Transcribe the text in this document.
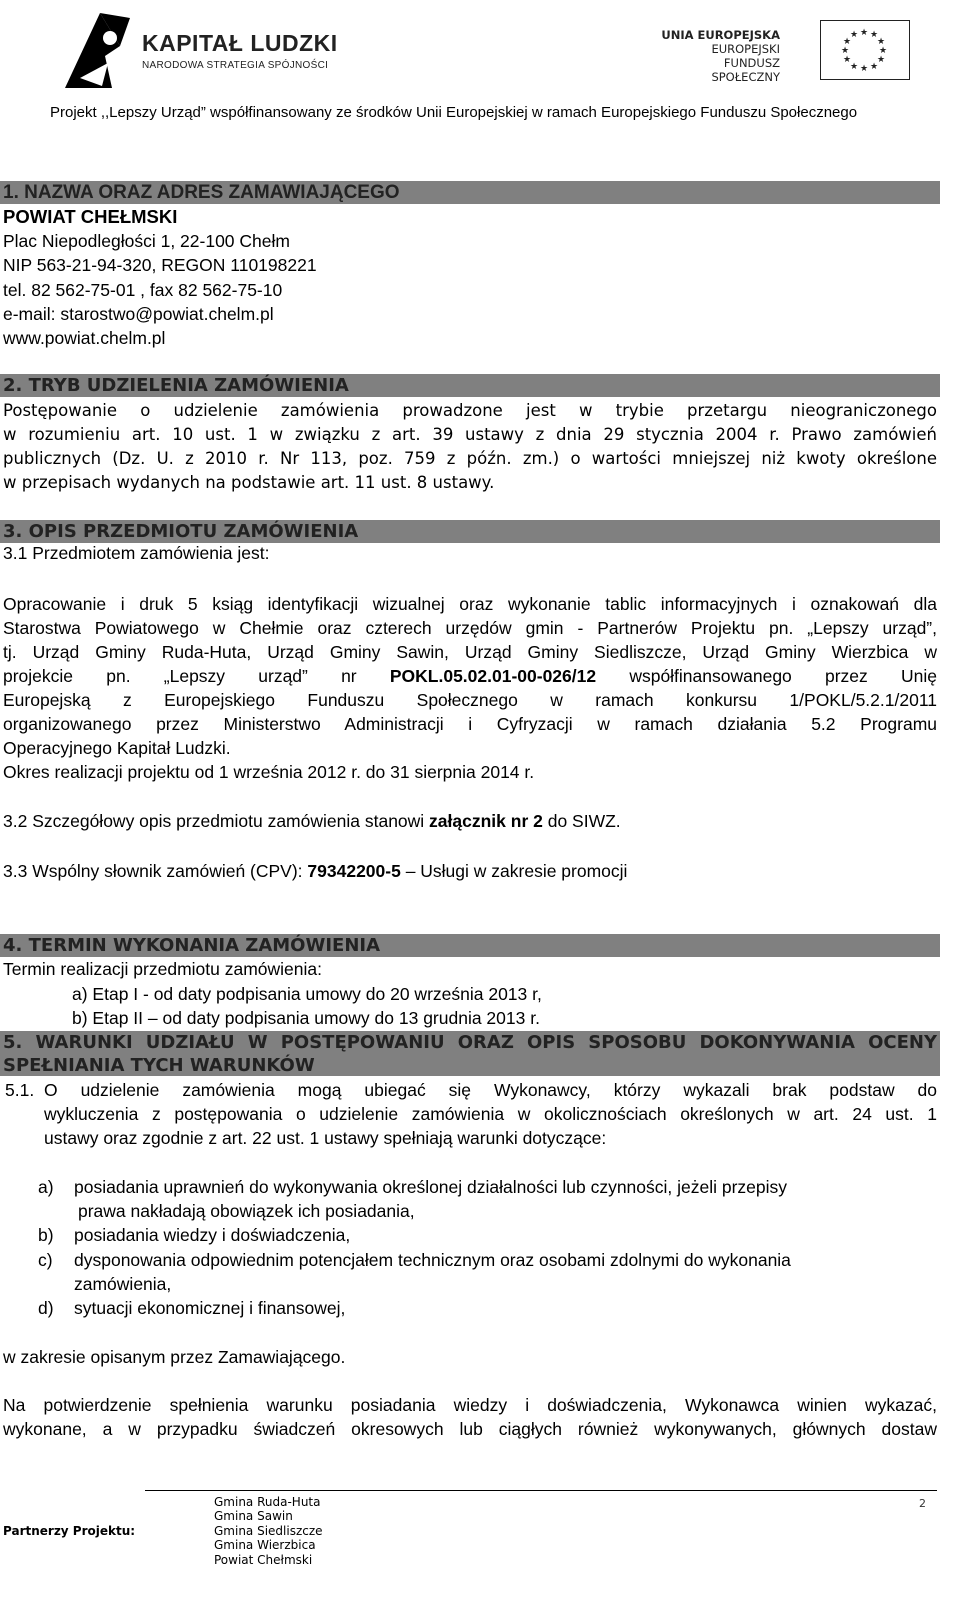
KAPITAŁ LUDZKI
NARODOWA STRATEGIA SPÓJNOŚCI
UNIA EUROPEJSKA
EUROPEJSKI
FUNDUSZ SPOŁECZNY
★ ★
★
★
★
★
★
★
★
★
★
★
Projekt ,,Lepszy Urząd” współfinansowany ze środków Unii Europejskiej w ramach Europejskiego Funduszu Społecznego
1. NAZWA ORAZ ADRES ZAMAWIAJĄCEGO
POWIAT CHEŁMSKI
Plac Niepodległości 1, 22-100 Chełm
NIP 563-21-94-320, REGON 110198221
tel. 82 562-75-01 , fax 82 562-75-10
e-mail: starostwo@powiat.chelm.pl
www.powiat.chelm.pl
2. TRYB UDZIELENIA ZAMÓWIENIA
Postępowanie o udzielenie zamówienia prowadzone jest w trybie przetargu nieograniczonego
w rozumieniu art. 10 ust. 1 w związku z art. 39 ustawy z dnia 29 stycznia 2004 r. Prawo zamówień
publicznych (Dz. U. z 2010 r. Nr 113, poz. 759 z późn. zm.) o wartości mniejszej niż kwoty określone
w przepisach wydanych na podstawie art. 11 ust. 8 ustawy.
3. OPIS PRZEDMIOTU ZAMÓWIENIA
3.1 Przedmiotem zamówienia jest:
Opracowanie i druk 5 ksiąg identyfikacji wizualnej oraz wykonanie tablic informacyjnych i oznakowań dla
Starostwa Powiatowego w Chełmie oraz czterech urzędów gmin - Partnerów Projektu pn. „Lepszy urząd”,
tj. Urząd Gminy Ruda-Huta, Urząd Gminy Sawin, Urząd Gminy Siedliszcze, Urząd Gminy Wierzbica w
projekcie pn. „Lepszy urząd” nr POKL.05.02.01-00-026/12 współfinansowanego przez Unię
Europejską z Europejskiego Funduszu Społecznego w ramach konkursu 1/POKL/5.2.1/2011
organizowanego przez Ministerstwo Administracji i Cyfryzacji w ramach działania 5.2 Programu
Operacyjnego Kapitał Ludzki.
Okres realizacji projektu od 1 września 2012 r. do 31 sierpnia 2014 r.
3.2 Szczegółowy opis przedmiotu zamówienia stanowi załącznik nr 2 do SIWZ.
3.3 Wspólny słownik zamówień (CPV): 79342200-5 – Usługi w zakresie promocji
4. TERMIN WYKONANIA ZAMÓWIENIA
Termin realizacji przedmiotu zamówienia:
a) Etap I - od daty podpisania umowy do 20 września 2013 r,
b) Etap II – od daty podpisania umowy do 13 grudnia 2013 r.
5. WARUNKI UDZIAŁU W POSTĘPOWANIU ORAZ OPIS SPOSOBU DOKONYWANIA OCENY
SPEŁNIANIA TYCH WARUNKÓW
5.1. O udzielenie zamówienia mogą ubiegać się Wykonawcy, którzy wykazali brak podstaw do
wykluczenia z postępowania o udzielenie zamówienia w okolicznościach określonych w art. 24 ust. 1
ustawy oraz zgodnie z art. 22 ust. 1 ustawy spełniają warunki dotyczące:
a) posiadania uprawnień do wykonywania określonej działalności lub czynności, jeżeli przepisy
prawa nakładają obowiązek ich posiadania,
b) posiadania wiedzy i doświadczenia,
c) dysponowania odpowiednim potencjałem technicznym oraz osobami zdolnymi do wykonania
zamówienia,
d) sytuacji ekonomicznej i finansowej,
w zakresie opisanym przez Zamawiającego.
Na potwierdzenie spełnienia warunku posiadania wiedzy i doświadczenia, Wykonawca winien wykazać,
wykonane, a w przypadku świadczeń okresowych lub ciągłych również wykonywanych, głównych dostaw
Partnerzy Projektu:
Gmina Ruda-Huta
Gmina Sawin
Gmina Siedliszcze
Gmina Wierzbica
Powiat Chełmski
2
